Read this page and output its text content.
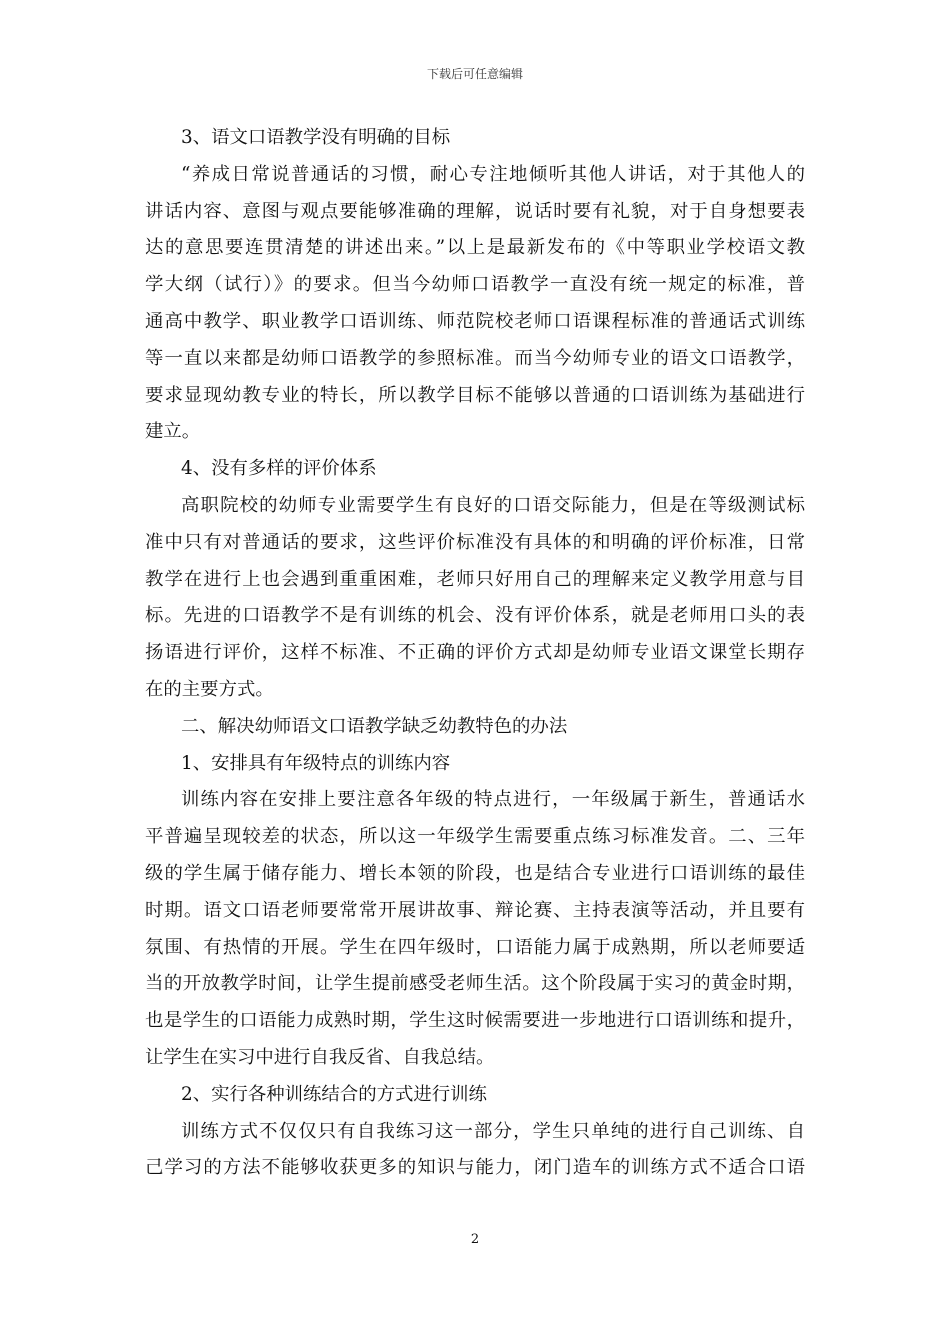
下载后可任意编辑
3、语文口语教学没有明确的目标
“养成日常说普通话的习惯，耐心专注地倾听其他人讲话，对于其他人的
讲话内容、意图与观点要能够准确的理解，说话时要有礼貌，对于自身想要表
达的意思要连贯清楚的讲述出来。”以上是最新发布的《中等职业学校语文教
学大纲（试行）》的要求。但当今幼师口语教学一直没有统一规定的标准，普
通高中教学、职业教学口语训练、师范院校老师口语课程标准的普通话式训练
等一直以来都是幼师口语教学的参照标准。而当今幼师专业的语文口语教学，
要求显现幼教专业的特长，所以教学目标不能够以普通的口语训练为基础进行
建立。
4、没有多样的评价体系
高职院校的幼师专业需要学生有良好的口语交际能力，但是在等级测试标
准中只有对普通话的要求，这些评价标准没有具体的和明确的评价标准，日常
教学在进行上也会遇到重重困难，老师只好用自己的理解来定义教学用意与目
标。先进的口语教学不是有训练的机会、没有评价体系，就是老师用口头的表
扬语进行评价，这样不标准、不正确的评价方式却是幼师专业语文课堂长期存
在的主要方式。
二、解决幼师语文口语教学缺乏幼教特色的办法
1、安排具有年级特点的训练内容
训练内容在安排上要注意各年级的特点进行，一年级属于新生，普通话水
平普遍呈现较差的状态，所以这一年级学生需要重点练习标准发音。二、三年
级的学生属于储存能力、增长本领的阶段，也是结合专业进行口语训练的最佳
时期。语文口语老师要常常开展讲故事、辩论赛、主持表演等活动，并且要有
氛围、有热情的开展。学生在四年级时，口语能力属于成熟期，所以老师要适
当的开放教学时间，让学生提前感受老师生活。这个阶段属于实习的黄金时期，
也是学生的口语能力成熟时期，学生这时候需要进一步地进行口语训练和提升，
让学生在实习中进行自我反省、自我总结。
2、实行各种训练结合的方式进行训练
训练方式不仅仅只有自我练习这一部分，学生只单纯的进行自己训练、自
己学习的方法不能够收获更多的知识与能力，闭门造车的训练方式不适合口语
2
